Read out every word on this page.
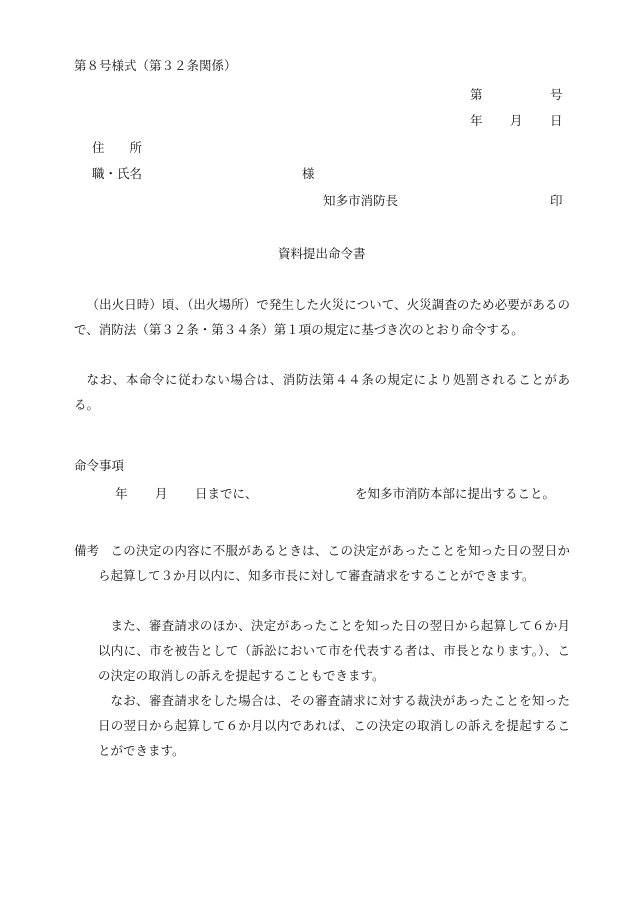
第８号様式（第３２条関係）
第	号
年 月 日
住　　所
職・氏名	様
知多市消防長	印
資料提出命令書
（出火日時）頃、（出火場所）で発生した火災について、火災調査のため必要があるので、消防法（第３２条・第３４条）第１項の規定に基づき次のとおり命令する。
なお、本命令に従わない場合は、消防法第４４条の規定により処罰されることがある。
命令事項
年 月 日までに、	を知多市消防本部に提出すること。
備考 この決定の内容に不服があるときは、この決定があったことを知った日の翌日から起算して３か月以内に、知多市長に対して審査請求をすることができます。
また、審査請求のほか、決定があったことを知った日の翌日から起算して６か月以内に、市を被告として（訴訟において市を代表する者は、市長となります。）、この決定の取消しの訴えを提起することもできます。
なお、審査請求をした場合は、その審査請求に対する裁決があったことを知った日の翌日から起算して６か月以内であれば、この決定の取消しの訴えを提起することができます。
